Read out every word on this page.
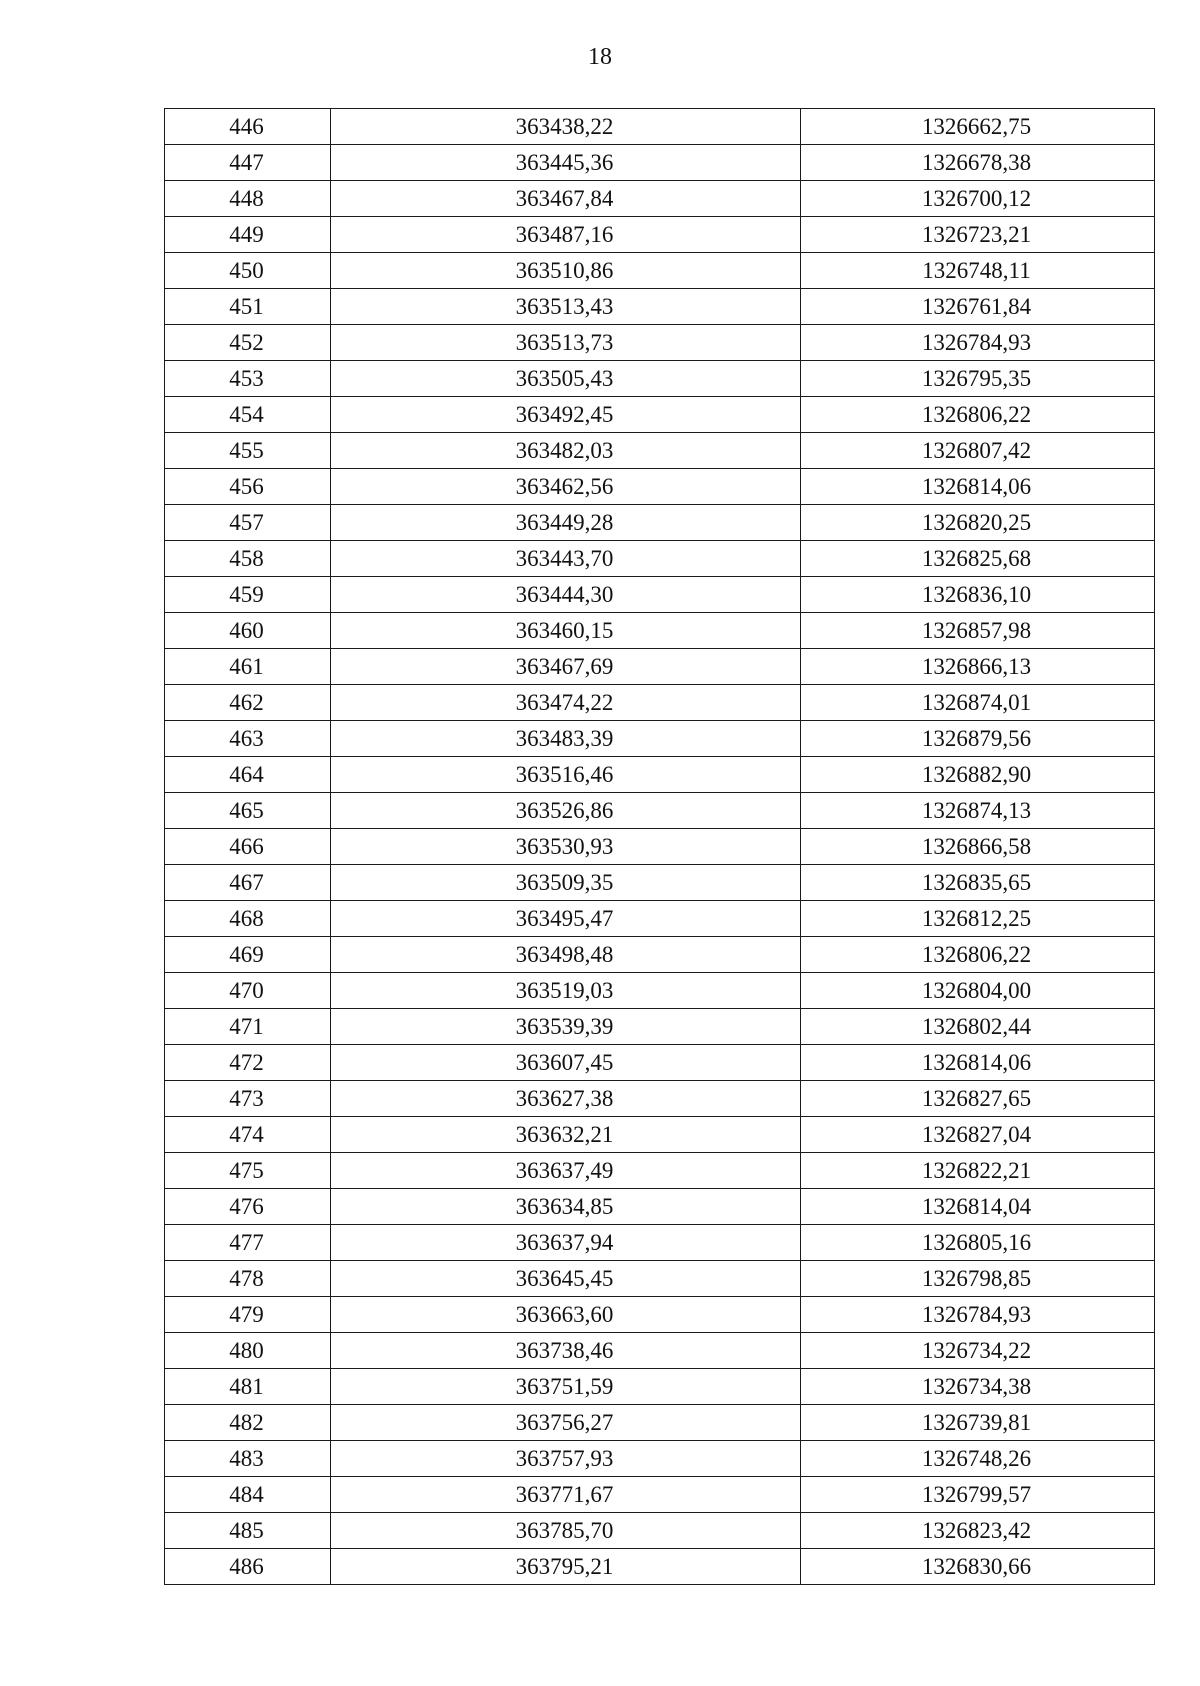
18
446	363438,22	1326662,75
447	363445,36	1326678,38
448	363467,84	1326700,12
449	363487,16	1326723,21
450	363510,86	1326748,11
451	363513,43	1326761,84
452	363513,73	1326784,93
453	363505,43	1326795,35
454	363492,45	1326806,22
455	363482,03	1326807,42
456	363462,56	1326814,06
457	363449,28	1326820,25
458	363443,70	1326825,68
459	363444,30	1326836,10
460	363460,15	1326857,98
461	363467,69	1326866,13
462	363474,22	1326874,01
463	363483,39	1326879,56
464	363516,46	1326882,90
465	363526,86	1326874,13
466	363530,93	1326866,58
467	363509,35	1326835,65
468	363495,47	1326812,25
469	363498,48	1326806,22
470	363519,03	1326804,00
471	363539,39	1326802,44
472	363607,45	1326814,06
473	363627,38	1326827,65
474	363632,21	1326827,04
475	363637,49	1326822,21
476	363634,85	1326814,04
477	363637,94	1326805,16
478	363645,45	1326798,85
479	363663,60	1326784,93
480	363738,46	1326734,22
481	363751,59	1326734,38
482	363756,27	1326739,81
483	363757,93	1326748,26
484	363771,67	1326799,57
485	363785,70	1326823,42
486	363795,21	1326830,66
